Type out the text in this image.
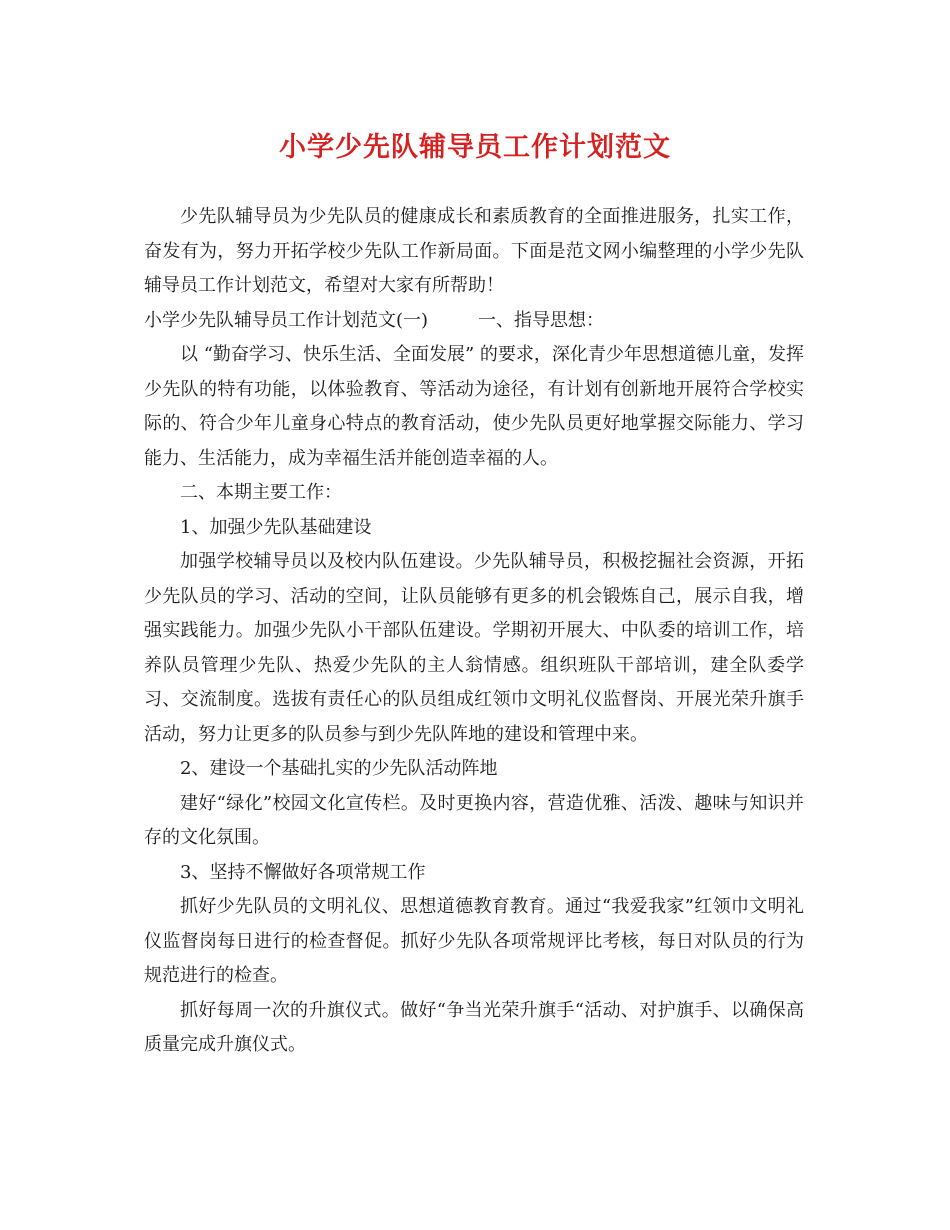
小学少先队辅导员工作计划范文

少先队辅导员为少先队员的健康成长和素质教育的全面推进服务，扎实工作，奋发有为，努力开拓学校少先队工作新局面。下面是范文网小编整理的小学少先队辅导员工作计划范文，希望对大家有所帮助！

小学少先队辅导员工作计划范文(一)	一、指导思想：

以 “勤奋学习、快乐生活、全面发展” 的要求，深化青少年思想道德儿童，发挥少先队的特有功能，以体验教育、等活动为途径，有计划有创新地开展符合学校实际的、符合少年儿童身心特点的教育活动，使少先队员更好地掌握交际能力、学习能力、生活能力，成为幸福生活并能创造幸福的人。

二、本期主要工作：

1、加强少先队基础建设

加强学校辅导员以及校内队伍建设。少先队辅导员，积极挖掘社会资源，开拓少先队员的学习、活动的空间，让队员能够有更多的机会锻炼自己，展示自我，增强实践能力。加强少先队小干部队伍建设。学期初开展大、中队委的培训工作，培养队员管理少先队、热爱少先队的主人翁情感。组织班队干部培训，建全队委学习、交流制度。选拔有责任心的队员组成红领巾文明礼仪监督岗、开展光荣升旗手活动，努力让更多的队员参与到少先队阵地的建设和管理中来。

2、建设一个基础扎实的少先队活动阵地

建好“绿化”校园文化宣传栏。及时更换内容，营造优雅、活泼、趣味与知识并存的文化氛围。

3、坚持不懈做好各项常规工作

抓好少先队员的文明礼仪、思想道德教育教育。通过“我爱我家”红领巾文明礼仪监督岗每日进行的检查督促。抓好少先队各项常规评比考核，每日对队员的行为规范进行的检查。

抓好每周一次的升旗仪式。做好“争当光荣升旗手“活动、对护旗手、以确保高质量完成升旗仪式。
